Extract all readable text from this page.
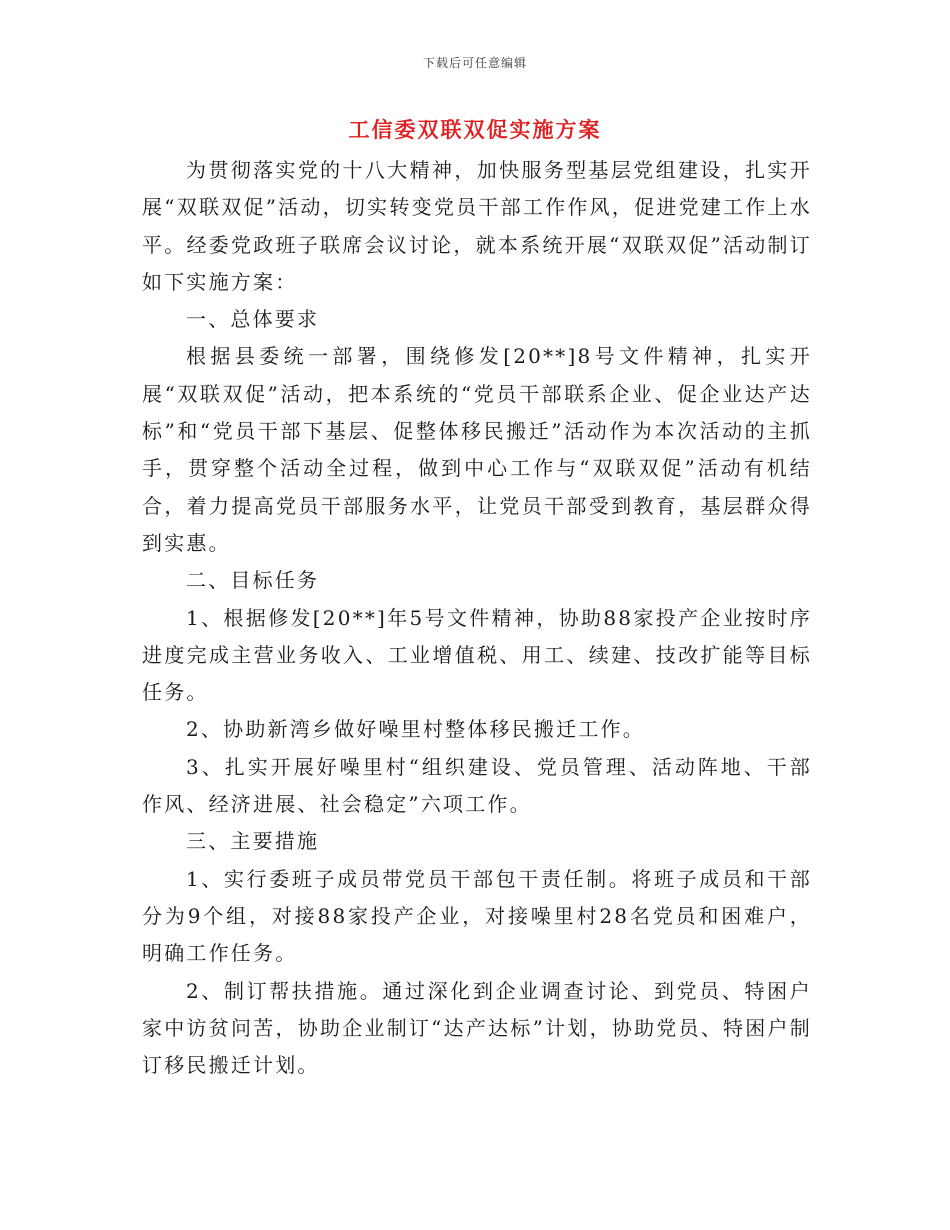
下载后可任意编辑
工信委双联双促实施方案

为贯彻落实党的十八大精神，加快服务型基层党组建设，扎实开展“双联双促”活动，切实转变党员干部工作作风，促进党建工作上水平。经委党政班子联席会议讨论，就本系统开展“双联双促”活动制订如下实施方案：

一、总体要求

根据县委统一部署，围绕修发[20**]8号文件精神，扎实开展“双联双促”活动，把本系统的“党员干部联系企业、促企业达产达标”和“党员干部下基层、促整体移民搬迁”活动作为本次活动的主抓手，贯穿整个活动全过程，做到中心工作与“双联双促”活动有机结合，着力提高党员干部服务水平，让党员干部受到教育，基层群众得到实惠。

二、目标任务

1、根据修发[20**]年5号文件精神，协助88家投产企业按时序进度完成主营业务收入、工业增值税、用工、续建、技改扩能等目标任务。

2、协助新湾乡做好噪里村整体移民搬迁工作。

3、扎实开展好噪里村“组织建设、党员管理、活动阵地、干部作风、经济进展、社会稳定”六项工作。

三、主要措施

1、实行委班子成员带党员干部包干责任制。将班子成员和干部分为9个组，对接88家投产企业，对接噪里村28名党员和困难户，明确工作任务。

2、制订帮扶措施。通过深化到企业调查讨论、到党员、特困户家中访贫问苦，协助企业制订“达产达标”计划，协助党员、特困户制订移民搬迁计划。
